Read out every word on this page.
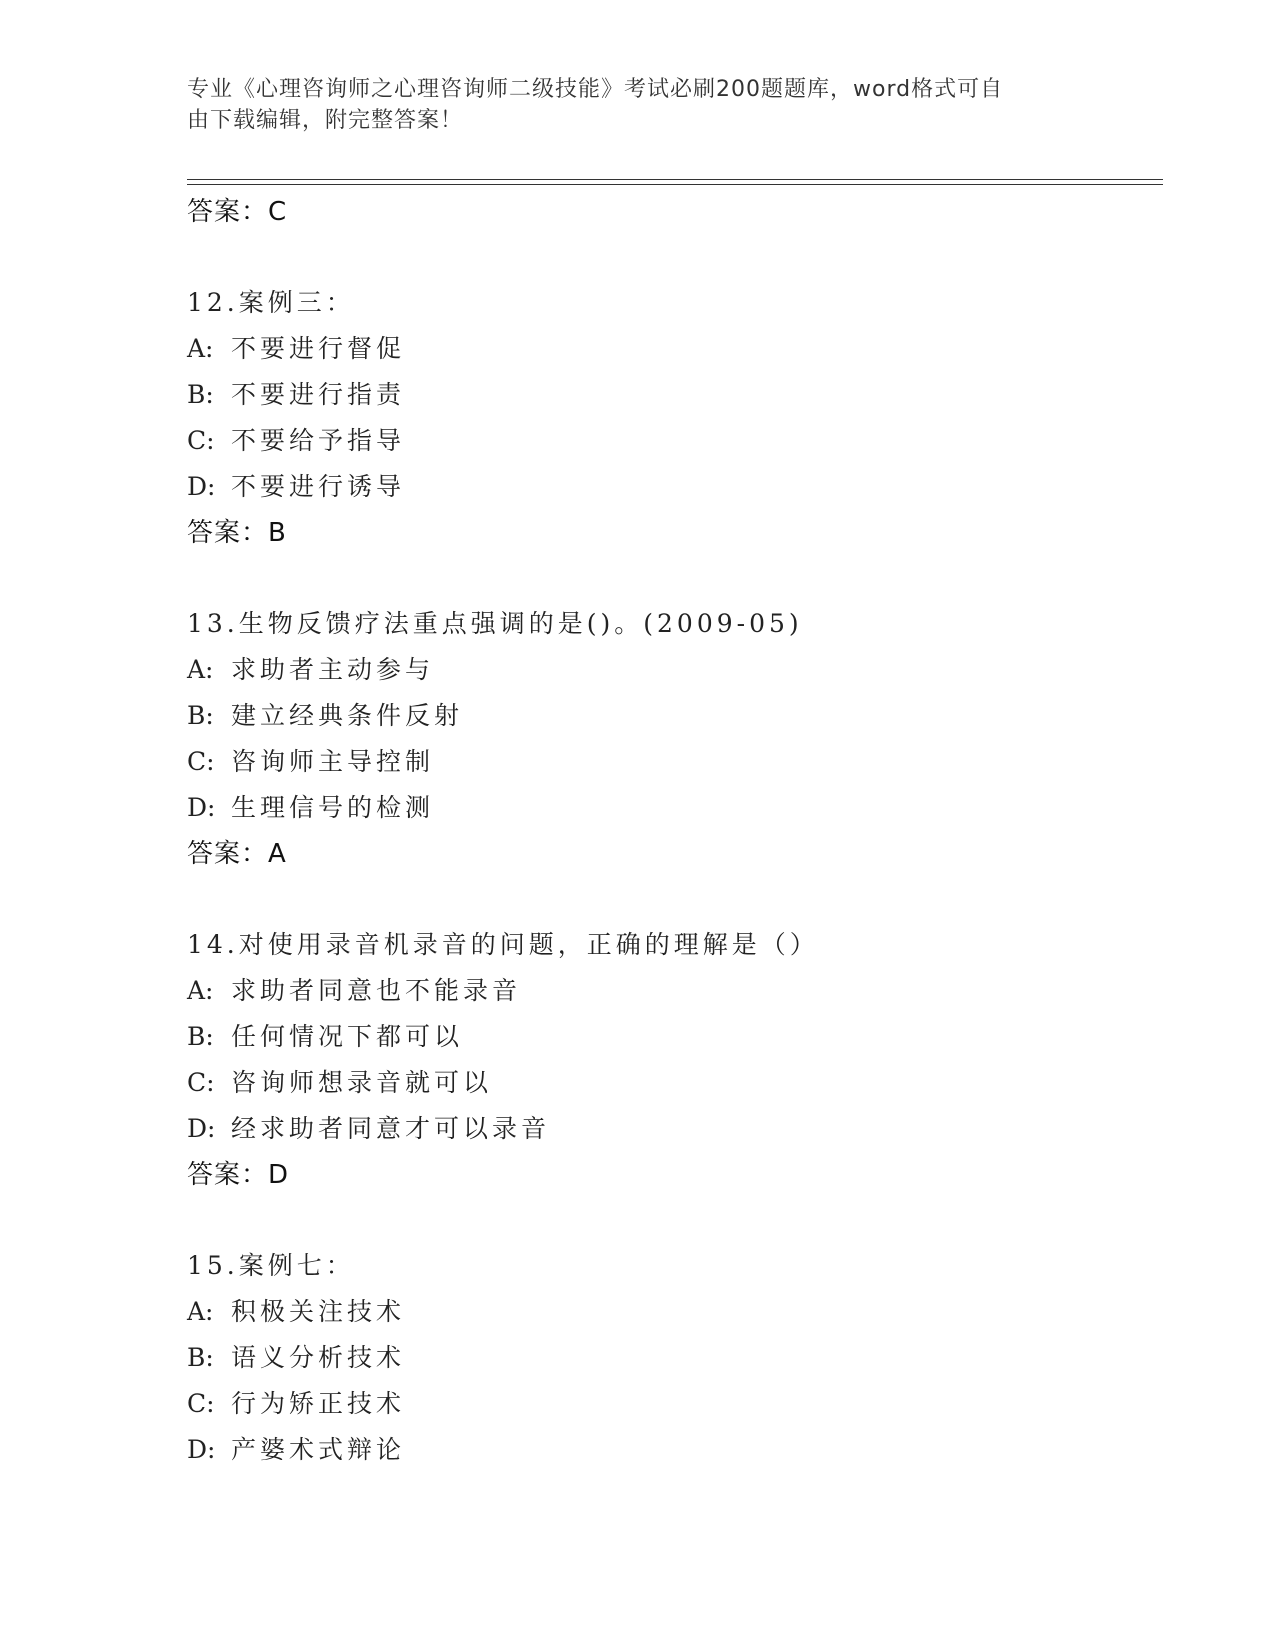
专业《心理咨询师之心理咨询师二级技能》考试必刷200题题库，word格式可自
由下载编辑，附完整答案！
答案：C
12.案例三：
A: 不要进行督促
B: 不要进行指责
C: 不要给予指导
D: 不要进行诱导
答案：B
13.生物反馈疗法重点强调的是()。(2009-05)
A: 求助者主动参与
B: 建立经典条件反射
C: 咨询师主导控制
D: 生理信号的检测
答案：A
14.对使用录音机录音的问题，正确的理解是（）
A: 求助者同意也不能录音
B: 任何情况下都可以
C: 咨询师想录音就可以
D: 经求助者同意才可以录音
答案：D
15.案例七：
A: 积极关注技术
B: 语义分析技术
C: 行为矫正技术
D: 产婆术式辩论
